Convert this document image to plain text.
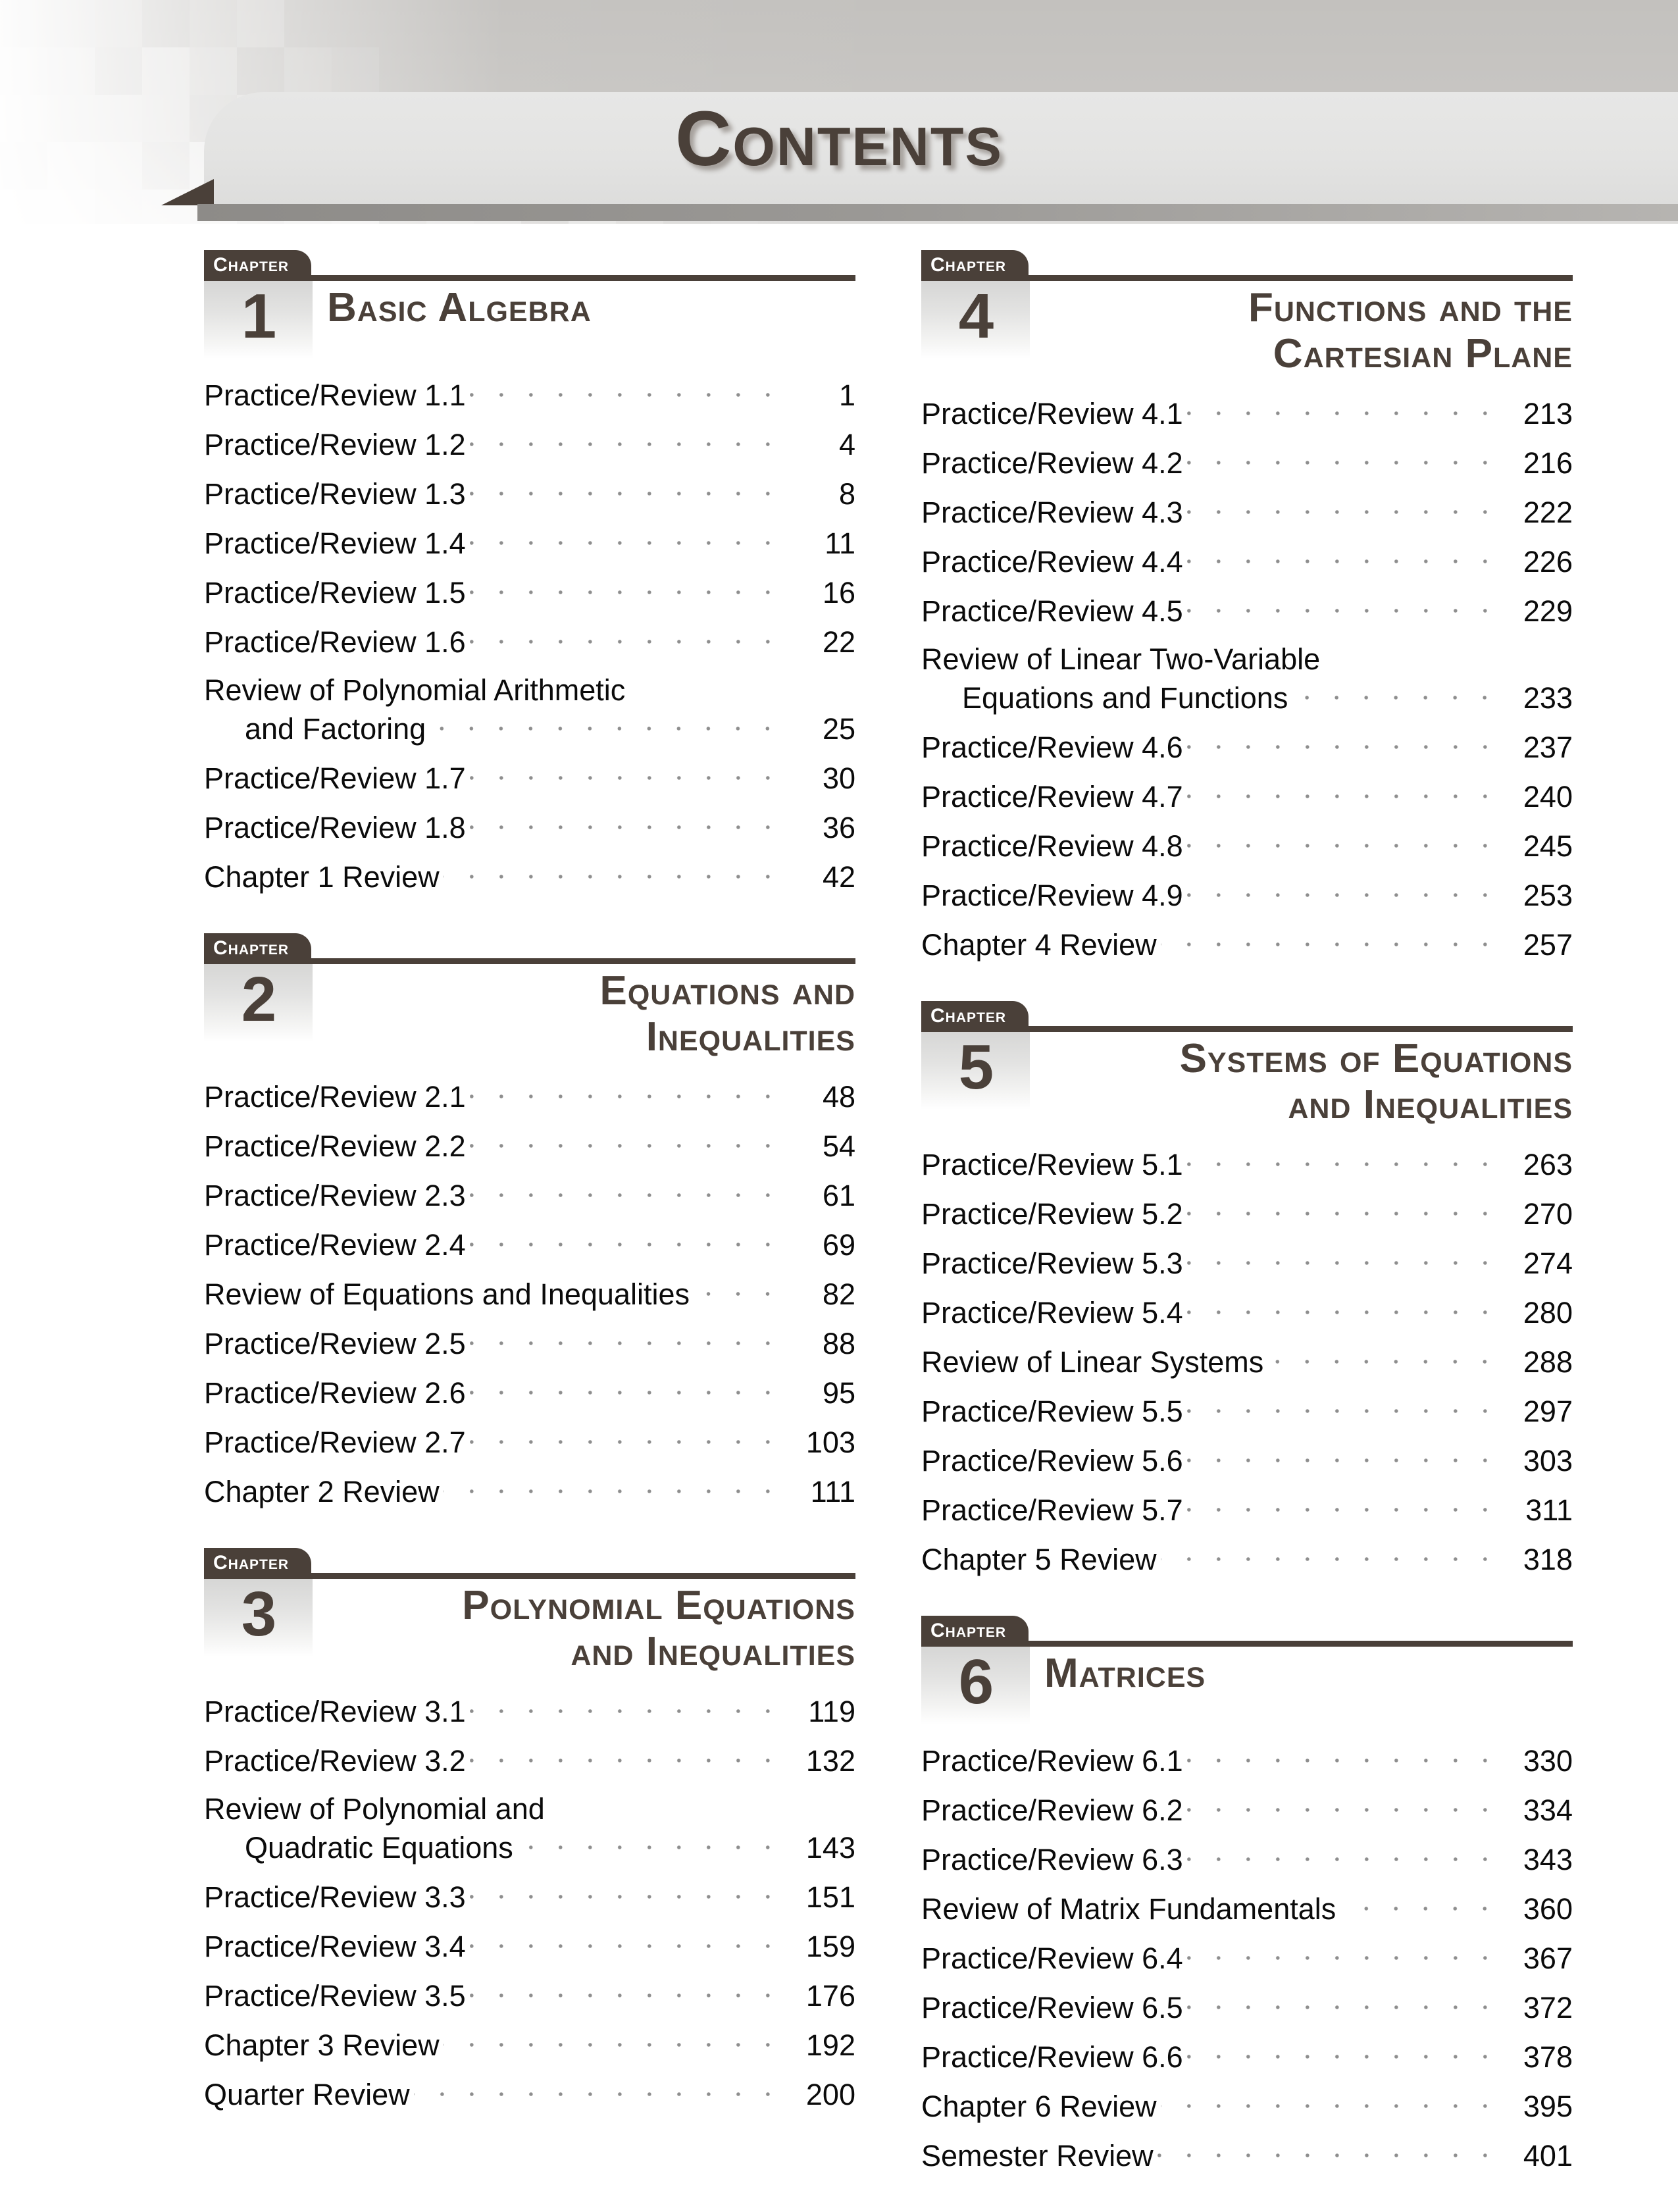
Contents
Chapter
1 Basic Algebra
Practice/Review 1.1	1
Practice/Review 1.2	4
Practice/Review 1.3	8
Practice/Review 1.4	11
Practice/Review 1.5	16
Practice/Review 1.6	22
Review of Polynomial Arithmetic
and Factoring	25
Practice/Review 1.7	30
Practice/Review 1.8	36
Chapter 1 Review	42
Chapter
2	Equations and
Inequalities
Practice/Review 2.1	48
Practice/Review 2.2	54
Practice/Review 2.3	61
Practice/Review 2.4	69
Review of Equations and Inequalities	82
Practice/Review 2.5	88
Practice/Review 2.6	95
Practice/Review 2.7	103
Chapter 2 Review	111
Chapter
3	Polynomial Equations
and Inequalities
Practice/Review 3.1	119
Practice/Review 3.2	132
Review of Polynomial and
Quadratic Equations	143
Practice/Review 3.3	151
Practice/Review 3.4	159
Practice/Review 3.5	176
Chapter 3 Review	192
Quarter Review	200
Chapter
4	Functions and the
Cartesian Plane
Practice/Review 4.1	213
Practice/Review 4.2	216
Practice/Review 4.3	222
Practice/Review 4.4	226
Practice/Review 4.5	229
Review of Linear Two-Variable
Equations and Functions	233
Practice/Review 4.6	237
Practice/Review 4.7	240
Practice/Review 4.8	245
Practice/Review 4.9	253
Chapter 4 Review	257
Chapter
5	Systems of Equations
and Inequalities
Practice/Review 5.1	263
Practice/Review 5.2	270
Practice/Review 5.3	274
Practice/Review 5.4	280
Review of Linear Systems	288
Practice/Review 5.5	297
Practice/Review 5.6	303
Practice/Review 5.7	311
Chapter 5 Review	318
Chapter
6 Matrices
Practice/Review 6.1	330
Practice/Review 6.2	334
Practice/Review 6.3	343
Review of Matrix Fundamentals	360
Practice/Review 6.4	367
Practice/Review 6.5	372
Practice/Review 6.6	378
Chapter 6 Review	395
Semester Review	401
